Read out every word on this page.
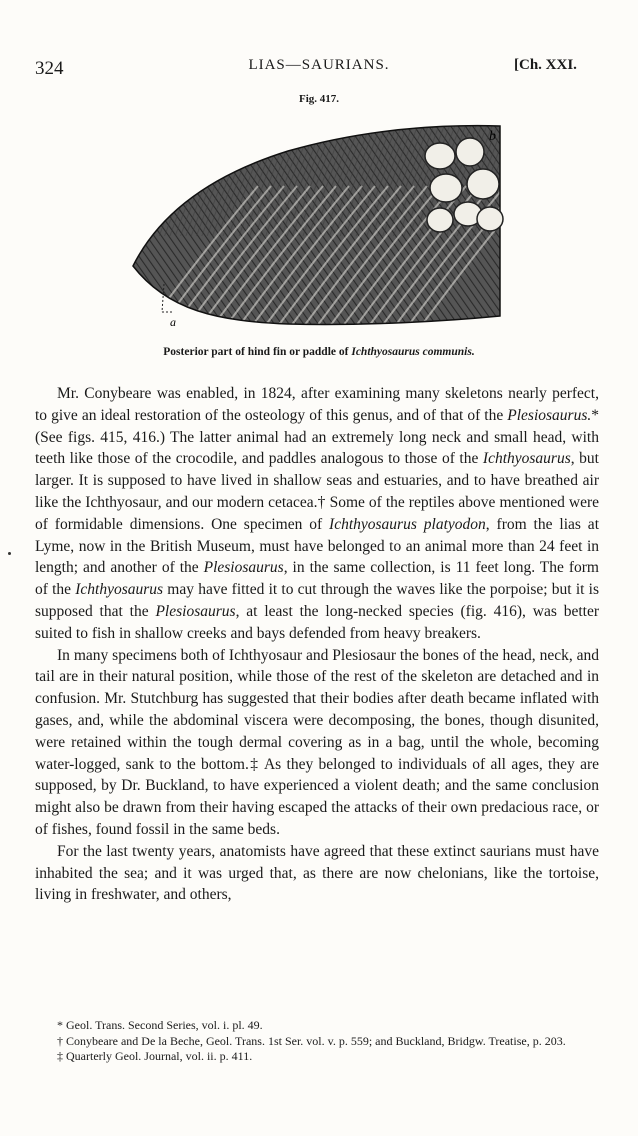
324	LIAS—SAURIANS.	[Ch. XXI.
Fig. 417.
a
b
Posterior part of hind fin or paddle of Ichthyosaurus communis.

Mr. Conybeare was enabled, in 1824, after examining many skeletons nearly perfect, to give an ideal restoration of the osteology of this genus, and of that of the Plesiosaurus.* (See figs. 415, 416.) The latter animal had an extremely long neck and small head, with teeth like those of the crocodile, and paddles analogous to those of the Ichthyosaurus, but larger. It is supposed to have lived in shallow seas and estuaries, and to have breathed air like the Ichthyosaur, and our modern cetacea.† Some of the reptiles above mentioned were of formidable dimensions. One specimen of Ichthyosaurus platyodon, from the lias at Lyme, now in the British Museum, must have belonged to an animal more than 24 feet in length; and another of the Plesiosaurus, in the same collection, is 11 feet long. The form of the Ichthyosaurus may have fitted it to cut through the waves like the porpoise; but it is supposed that the Plesiosaurus, at least the long-necked species (fig. 416), was better suited to fish in shallow creeks and bays defended from heavy breakers.

In many specimens both of Ichthyosaur and Plesiosaur the bones of the head, neck, and tail are in their natural position, while those of the rest of the skeleton are detached and in confusion. Mr. Stutchburg has suggested that their bodies after death became inflated with gases, and, while the abdominal viscera were decomposing, the bones, though disunited, were retained within the tough dermal covering as in a bag, until the whole, becoming water-logged, sank to the bottom.‡ As they belonged to individuals of all ages, they are supposed, by Dr. Buckland, to have experienced a violent death; and the same conclusion might also be drawn from their having escaped the attacks of their own predacious race, or of fishes, found fossil in the same beds.

For the last twenty years, anatomists have agreed that these extinct saurians must have inhabited the sea; and it was urged that, as there are now chelonians, like the tortoise, living in freshwater, and others,

* Geol. Trans. Second Series, vol. i. pl. 49.

† Conybeare and De la Beche, Geol. Trans. 1st Ser. vol. v. p. 559; and Buckland, Bridgw. Treatise, p. 203.

‡ Quarterly Geol. Journal, vol. ii. p. 411.
